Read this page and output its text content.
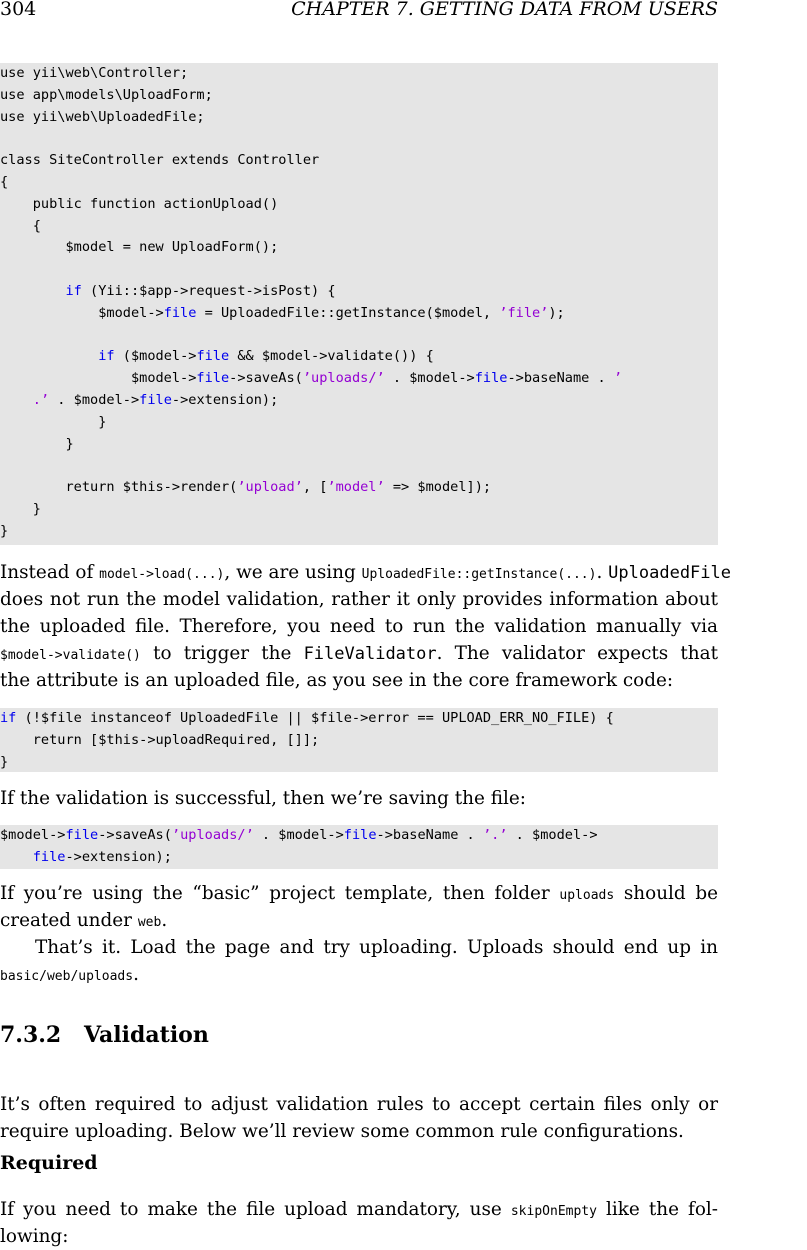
304	CHAPTER 7. GETTING DATA FROM USERS
use yii\web\Controller;
use app\models\UploadForm;
use yii\web\UploadedFile;
class SiteController extends Controller
{
public function actionUpload()
{
$model = new UploadForm();
if (Yii::$app->request->isPost) {
$model->file = UploadedFile::getInstance($model, ’file’);
if ($model->file && $model->validate()) {
$model->file->saveAs(’uploads/’ . $model->file->baseName . ’
.’ . $model->file->extension);
}
}
return $this->render(’upload’, [’model’ => $model]);
}
}
Instead of model->load(...), we are using UploadedFile::getInstance(...). UploadedFile
does not run the model validation, rather it only provides information about
the uploaded file. Therefore, you need to run the validation manually via
$model->validate() to trigger the FileValidator. The validator expects that
the attribute is an uploaded file, as you see in the core framework code:
if (!$file instanceof UploadedFile || $file->error == UPLOAD_ERR_NO_FILE) {
return [$this->uploadRequired, []];
}
If the validation is successful, then we’re saving the file:
$model->file->saveAs(’uploads/’ . $model->file->baseName . ’.’ . $model->
file->extension);
If you’re using the “basic” project template, then folder uploads should be
created under web.
That’s it. Load the page and try uploading. Uploads should end up in
basic/web/uploads.
7.3.2 Validation
It’s often required to adjust validation rules to accept certain files only or
require uploading. Below we’ll review some common rule configurations.
Required
If you need to make the file upload mandatory, use skipOnEmpty like the fol-
lowing:
